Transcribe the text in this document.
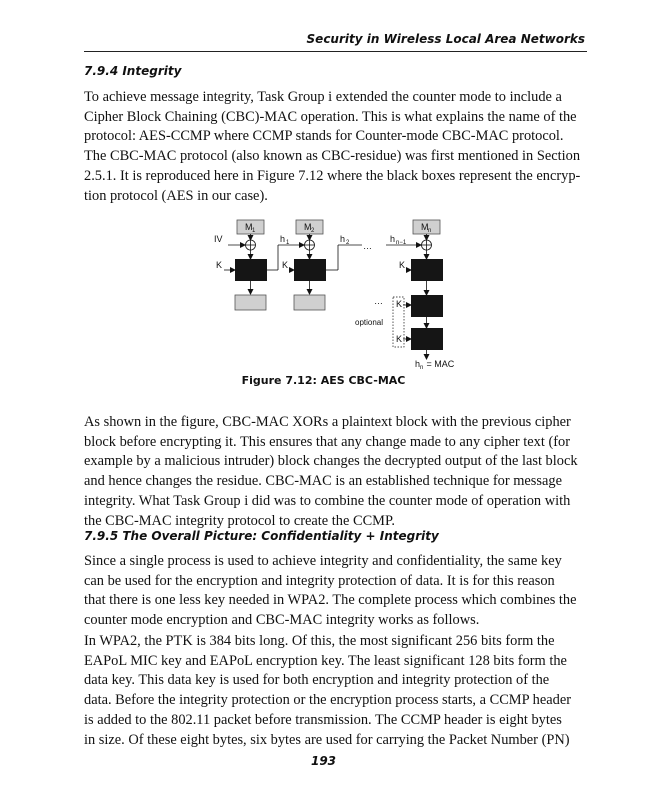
Security in Wireless Local Area Networks
7.9.4 Integrity

To achieve message integrity, Task Group i extended the counter mode to include a
Cipher Block Chaining (CBC)-MAC operation. This is what explains the name of the
protocol: AES-CCMP where CCMP stands for Counter-mode CBC-MAC protocol.
The CBC-MAC protocol (also known as CBC-residue) was first mentioned in Section
2.5.1. It is reproduced here in Figure 7.12 where the black boxes represent the encryp-
tion protocol (AES in our case).

M 1	M 2	M n
IV
K	K	K
h 1	h 2 …
h n−1
… K
K
optional
h n = MAC
Figure 7.12: AES CBC-MAC

As shown in the figure, CBC-MAC XORs a plaintext block with the previous cipher
block before encrypting it. This ensures that any change made to any cipher text (for
example by a malicious intruder) block changes the decrypted output of the last block
and hence changes the residue. CBC-MAC is an established technique for message
integrity. What Task Group i did was to combine the counter mode of operation with
the CBC-MAC integrity protocol to create the CCMP.

7.9.5 The Overall Picture: Confidentiality + Integrity

Since a single process is used to achieve integrity and confidentiality, the same key
can be used for the encryption and integrity protection of data. It is for this reason
that there is one less key needed in WPA2. The complete process which combines the
counter mode encryption and CBC-MAC integrity works as follows.

In WPA2, the PTK is 384 bits long. Of this, the most significant 256 bits form the
EAPoL MIC key and EAPoL encryption key. The least significant 128 bits form the
data key. This data key is used for both encryption and integrity protection of the
data. Before the integrity protection or the encryption process starts, a CCMP header
is added to the 802.11 packet before transmission. The CCMP header is eight bytes
in size. Of these eight bytes, six bytes are used for carrying the Packet Number (PN)

193
